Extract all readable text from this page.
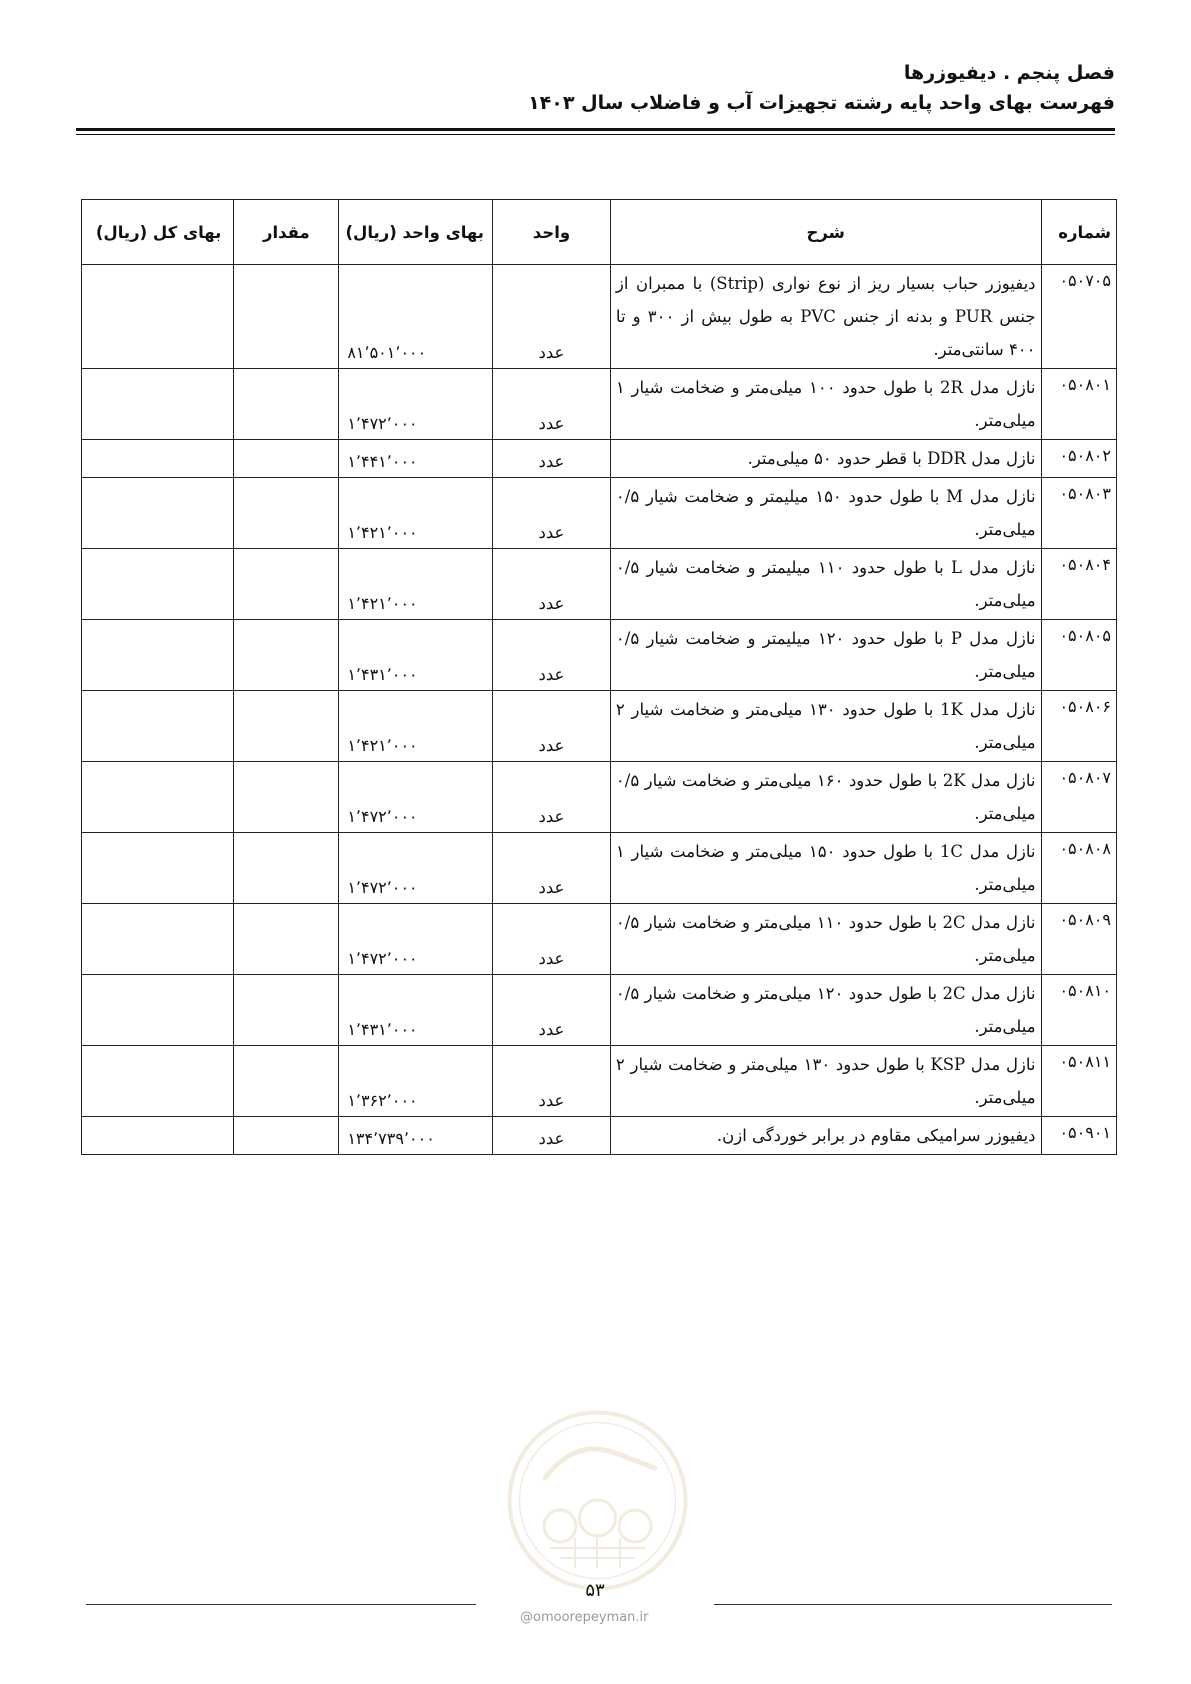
فصل پنجم . دیفیوزرها
فهرست بهای واحد پایه رشته تجهیزات آب و فاضلاب سال ۱۴۰۳
شماره	شرح	واحد	بهای واحد (ریال)	مقدار	بهای کل (ریال)
۰۵۰۷۰۵	دیفیوزر حباب بسیار ریز از نوع نواری (Strip) با ممبران از جنس PUR و بدنه از جنس PVC به طول بیش از ۳۰۰ و تا ۴۰۰ سانتی‌متر.	عدد	۸۱٬۵۰۱٬۰۰۰		
۰۵۰۸۰۱	نازل مدل 2R با طول حدود ۱۰۰ میلی‌متر و ضخامت شیار ۱ میلی‌متر.	عدد	۱٬۴۷۲٬۰۰۰		
۰۵۰۸۰۲	نازل مدل DDR با قطر حدود ۵۰ میلی‌متر.	عدد	۱٬۴۴۱٬۰۰۰		
۰۵۰۸۰۳	نازل مدل M با طول حدود ۱۵۰ میلیمتر و ضخامت شیار ۰/۵ میلی‌متر.	عدد	۱٬۴۲۱٬۰۰۰		
۰۵۰۸۰۴	نازل مدل L با طول حدود ۱۱۰ میلیمتر و ضخامت شیار ۰/۵ میلی‌متر.	عدد	۱٬۴۲۱٬۰۰۰		
۰۵۰۸۰۵	نازل مدل P با طول حدود ۱۲۰ میلیمتر و ضخامت شیار ۰/۵ میلی‌متر.	عدد	۱٬۴۳۱٬۰۰۰		
۰۵۰۸۰۶	نازل مدل 1K با طول حدود ۱۳۰ میلی‌متر و ضخامت شیار ۲ میلی‌متر.	عدد	۱٬۴۲۱٬۰۰۰		
۰۵۰۸۰۷	نازل مدل 2K با طول حدود ۱۶۰ میلی‌متر و ضخامت شیار ۰/۵ میلی‌متر.	عدد	۱٬۴۷۲٬۰۰۰		
۰۵۰۸۰۸	نازل مدل 1C با طول حدود ۱۵۰ میلی‌متر و ضخامت شیار ۱ میلی‌متر.	عدد	۱٬۴۷۲٬۰۰۰		
۰۵۰۸۰۹	نازل مدل 2C با طول حدود ۱۱۰ میلی‌متر و ضخامت شیار ۰/۵ میلی‌متر.	عدد	۱٬۴۷۲٬۰۰۰		
۰۵۰۸۱۰	نازل مدل 2C با طول حدود ۱۲۰ میلی‌متر و ضخامت شیار ۰/۵ میلی‌متر.	عدد	۱٬۴۳۱٬۰۰۰		
۰۵۰۸۱۱	نازل مدل KSP با طول حدود ۱۳۰ میلی‌متر و ضخامت شیار ۲ میلی‌متر.	عدد	۱٬۳۶۲٬۰۰۰		
۰۵۰۹۰۱	دیفیوزر سرامیکی مقاوم در برابر خوردگی ازن.	عدد	۱۳۴٬۷۳۹٬۰۰۰		
۵۳
@omoorepeyman.ir
